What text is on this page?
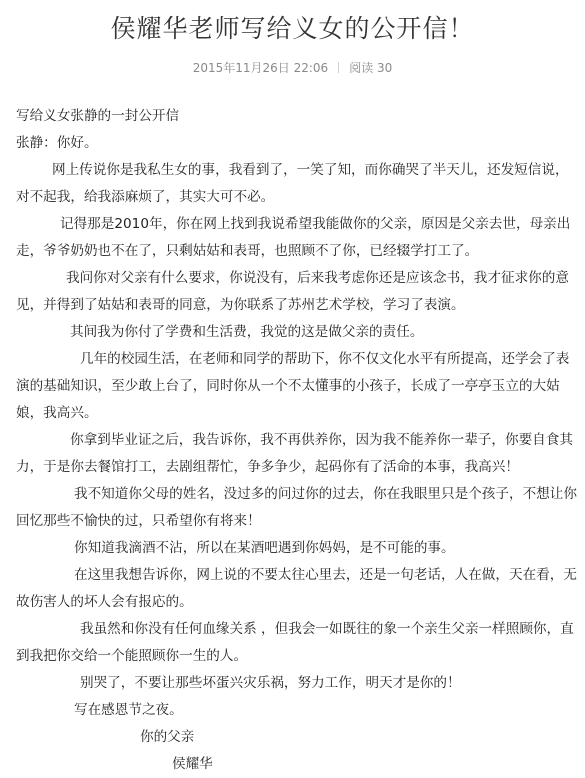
侯耀华老师写给义女的公开信！
2015年11月26日 22:06 阅读 30

写给义女张静的一封公开信

张静：你好。

网上传说你是我私生女的事，我看到了，一笑了知，而你确哭了半天儿，还发短信说，对不起我，给我添麻烦了，其实大可不必。

记得那是2010年，你在网上找到我说希望我能做你的父亲，原因是父亲去世，母亲出走，爷爷奶奶也不在了，只剩姑姑和表哥，也照顾不了你，已经辍学打工了。

我问你对父亲有什么要求，你说没有，后来我考虑你还是应该念书，我才征求你的意见，并得到了姑姑和表哥的同意，为你联系了苏州艺术学校，学习了表演。

其间我为你付了学费和生活费，我觉的这是做父亲的责任。

几年的校园生活，在老师和同学的帮助下，你不仅文化水平有所提高，还学会了表演的基础知识，至少敢上台了，同时你从一个不太懂事的小孩子，长成了一亭亭玉立的大姑娘，我高兴。

你拿到毕业证之后，我告诉你，我不再供养你，因为我不能养你一辈子，你要自食其力，于是你去餐馆打工，去剧组帮忙，争多争少，起码你有了活命的本事，我高兴！

我不知道你父母的姓名，没过多的问过你的过去，你在我眼里只是个孩子，不想让你回忆那些不愉快的过，只希望你有将来！

你知道我滴酒不沾，所以在某酒吧遇到你妈妈，是不可能的事。

在这里我想告诉你，网上说的不要太往心里去，还是一句老话，人在做，天在看，无故伤害人的坏人会有报応的。

我虽然和你没有任何血缘关系 ，但我会一如既往的象一个亲生父亲一样照顾你，直到我把你交给一个能照顾你一生的人。

别哭了，不要让那些坏蛋兴灾乐祸，努力工作，明天才是你的！

写在感恩节之夜。

你的父亲

侯耀华
